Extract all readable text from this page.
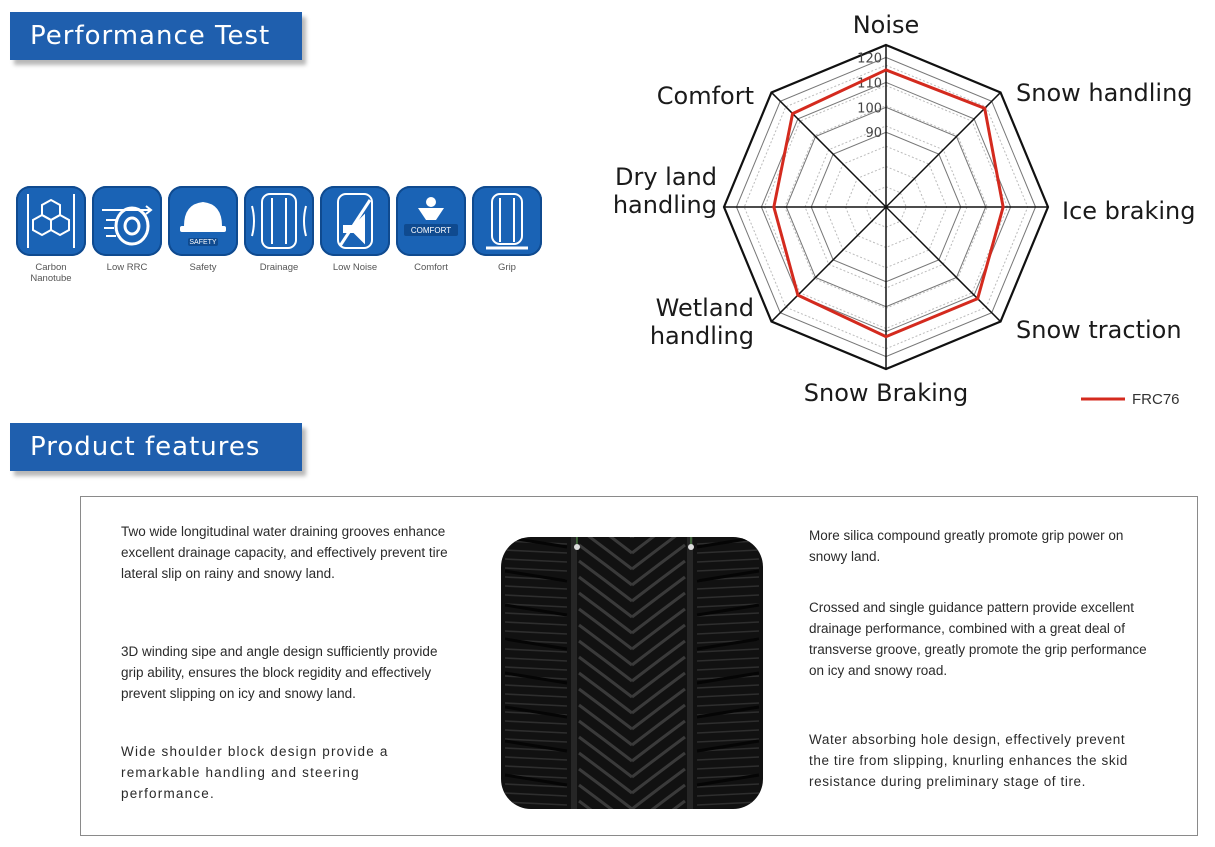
Performance Test
Carbon
Nanotube
Low RRC
SAFETY
Safety	Drainage	Low Noise
COMFORT
Comfort	Grip
90
100
110
120
Noise
Snow handling
Ice braking
Snow traction
Snow Braking
Wetland handling
Dry land handling
Comfort
FRC76
Product features
Two wide longitudinal water draining grooves enhance excellent drainage capacity, and effectively prevent tire lateral slip on rainy and snowy land.
3D winding sipe and angle design sufficiently provide grip ability, ensures the block regidity and effectively prevent slipping on icy and snowy land.
Wide shoulder block design provide a remarkable handling and steering performance.
More silica compound greatly promote grip power on snowy land.
Crossed and single guidance pattern provide excellent drainage performance, combined with a great deal of transverse groove, greatly promote the grip performance on icy and snowy road.
Water absorbing hole design, effectively prevent the tire from slipping, knurling enhances the skid resistance during preliminary stage of tire.
